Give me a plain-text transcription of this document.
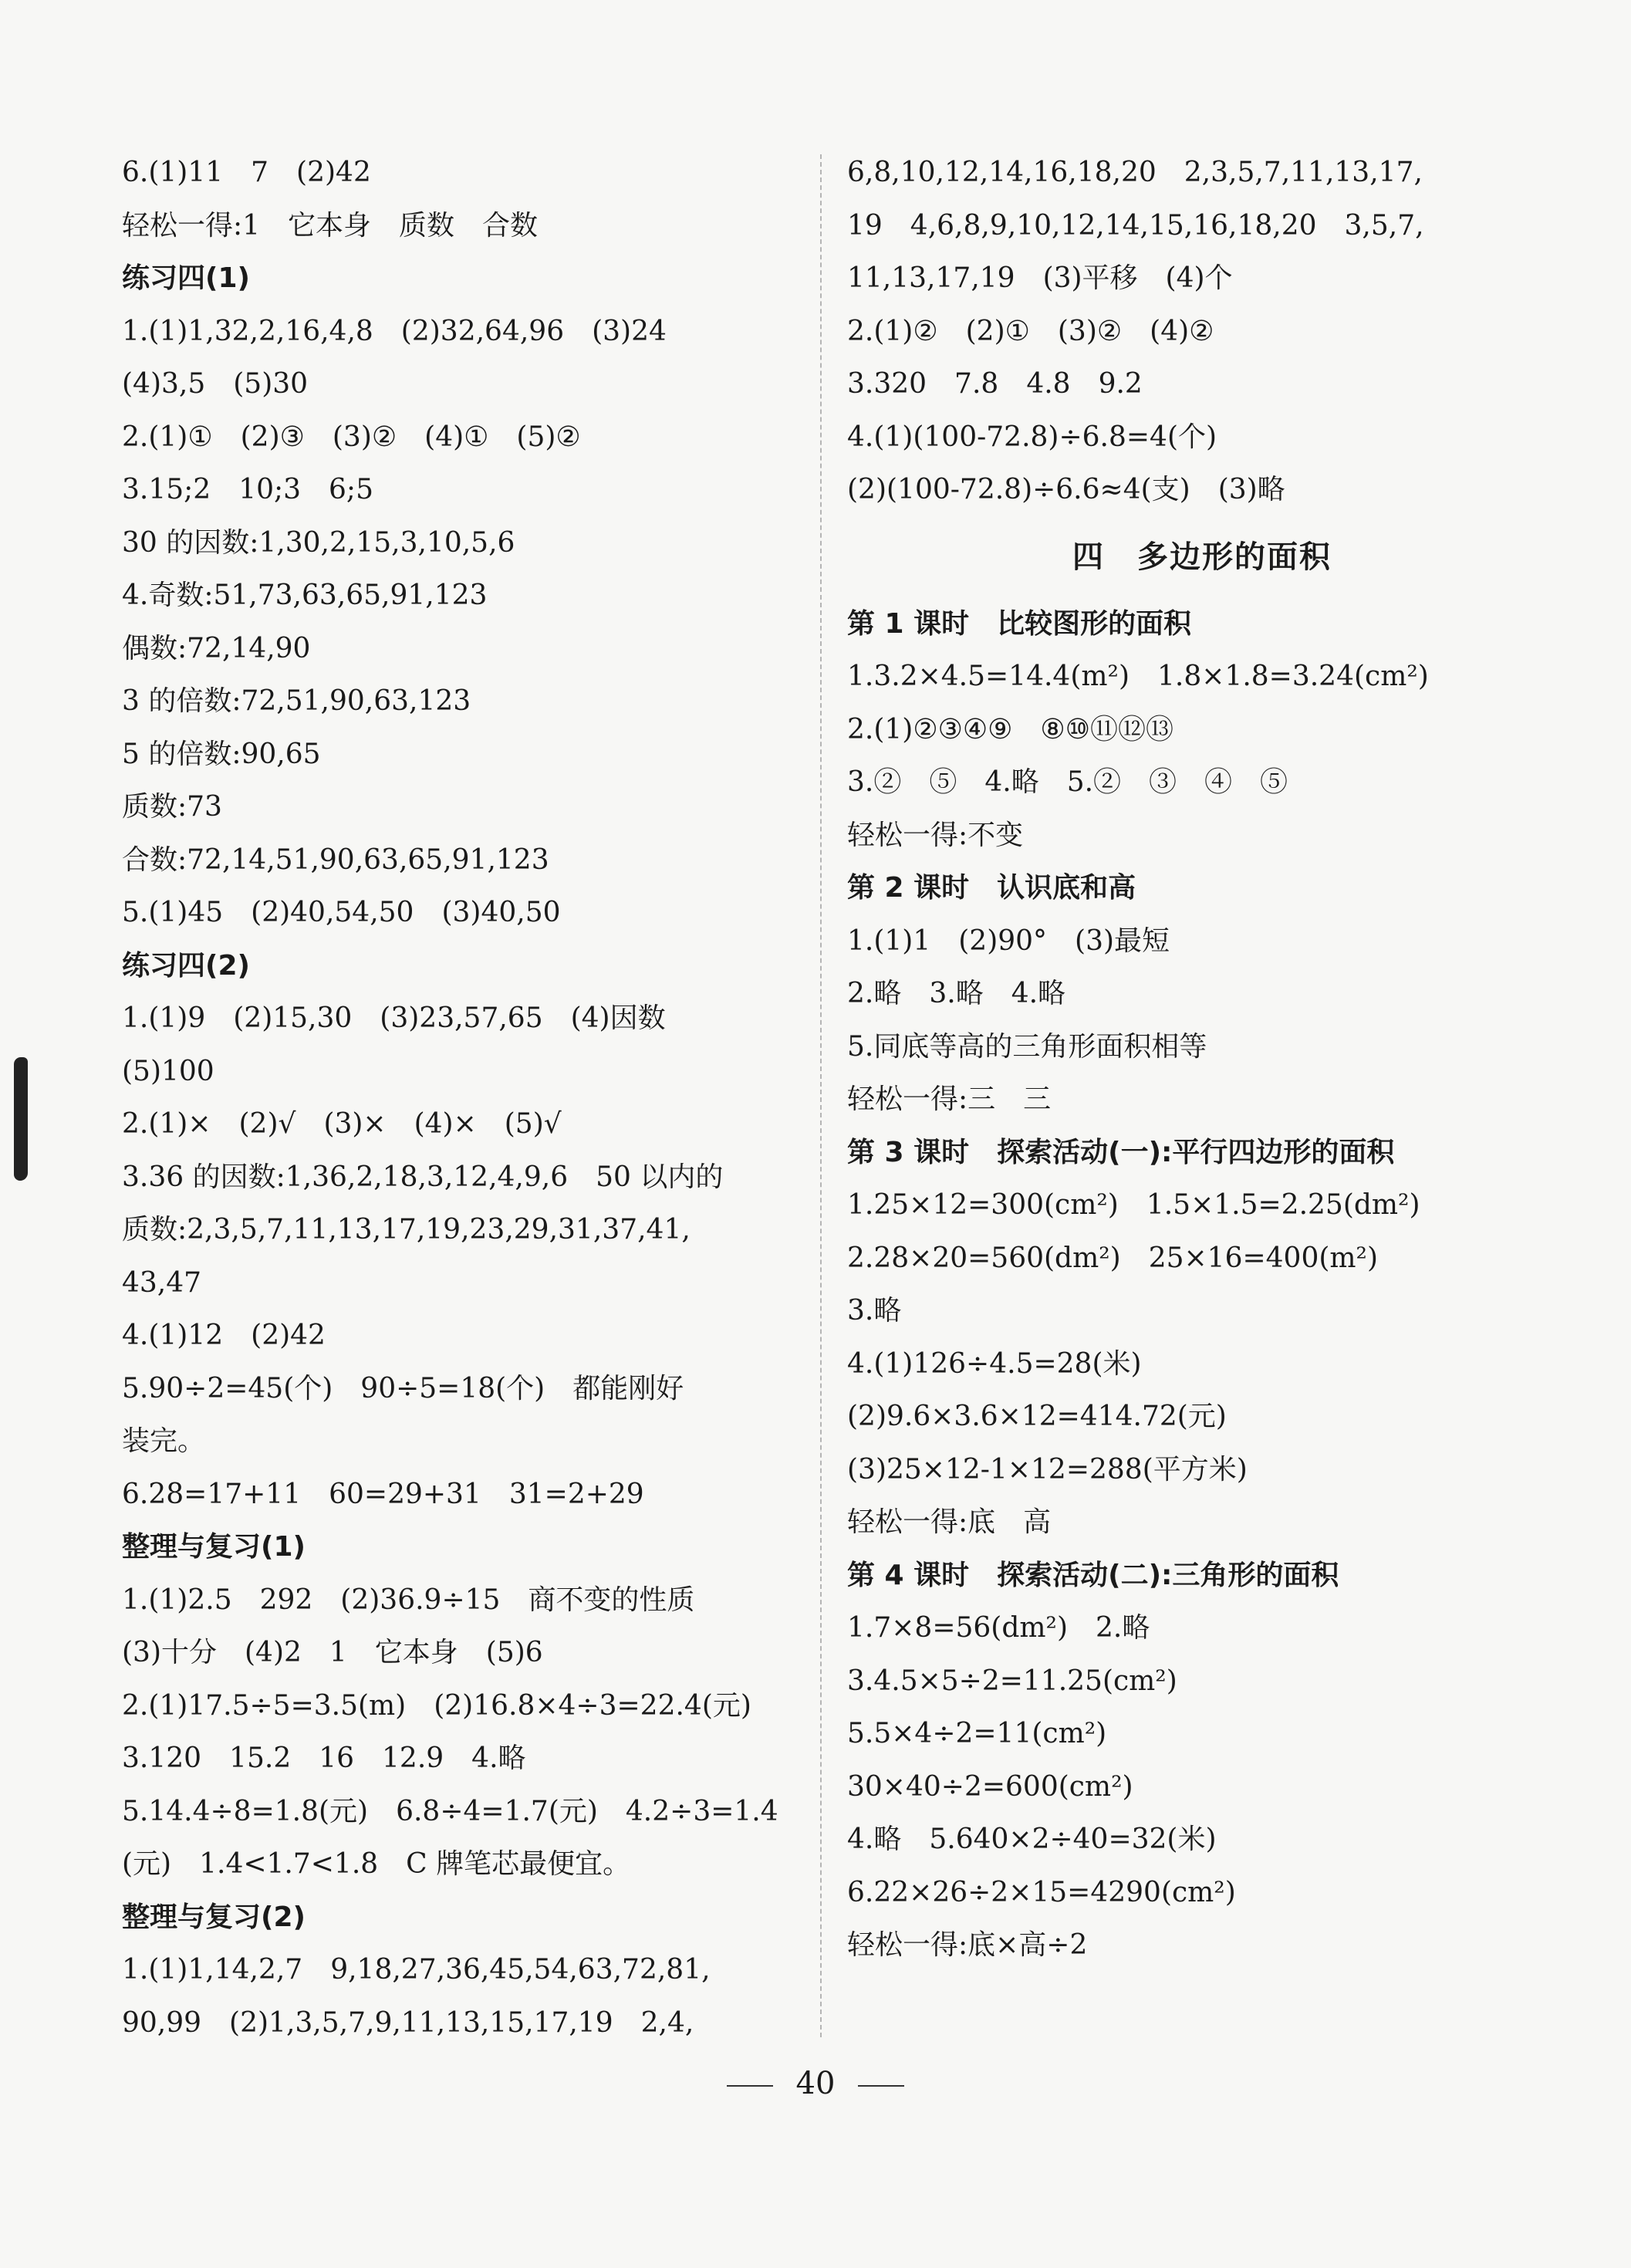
6.(1)11　7　(2)42
轻松一得:1　它本身　质数　合数
练习四(1)
1.(1)1,32,2,16,4,8　(2)32,64,96　(3)24
(4)3,5　(5)30
2.(1)①　(2)③　(3)②　(4)①　(5)②
3.15;2　10;3　6;5
30 的因数:1,30,2,15,3,10,5,6
4.奇数:51,73,63,65,91,123
偶数:72,14,90
3 的倍数:72,51,90,63,123
5 的倍数:90,65
质数:73
合数:72,14,51,90,63,65,91,123
5.(1)45　(2)40,54,50　(3)40,50
练习四(2)
1.(1)9　(2)15,30　(3)23,57,65　(4)因数
(5)100
2.(1)×　(2)√　(3)×　(4)×　(5)√
3.36 的因数:1,36,2,18,3,12,4,9,6　50 以内的
质数:2,3,5,7,11,13,17,19,23,29,31,37,41,
43,47
4.(1)12　(2)42
5.90÷2=45(个)　90÷5=18(个)　都能刚好
装完。
6.28=17+11　60=29+31　31=2+29
整理与复习(1)
1.(1)2.5　292　(2)36.9÷15　商不变的性质
(3)十分　(4)2　1　它本身　(5)6
2.(1)17.5÷5=3.5(m)　(2)16.8×4÷3=22.4(元)
3.120　15.2　16　12.9　4.略
5.14.4÷8=1.8(元)　6.8÷4=1.7(元)　4.2÷3=1.4
(元)　1.4<1.7<1.8　C 牌笔芯最便宜。
整理与复习(2)
1.(1)1,14,2,7　9,18,27,36,45,54,63,72,81,
90,99　(2)1,3,5,7,9,11,13,15,17,19　2,4,
6,8,10,12,14,16,18,20　2,3,5,7,11,13,17,
19　4,6,8,9,10,12,14,15,16,18,20　3,5,7,
11,13,17,19　(3)平移　(4)个
2.(1)②　(2)①　(3)②　(4)②
3.320　7.8　4.8　9.2
4.(1)(100-72.8)÷6.8=4(个)
(2)(100-72.8)÷6.6≈4(支)　(3)略
四　多边形的面积
第 1 课时　比较图形的面积
1.3.2×4.5=14.4(m²)　1.8×1.8=3.24(cm²)
2.(1)②③④⑨　⑧⑩⑪⑫⑬
3.②　⑤　4.略　5.②　③　④　⑤
轻松一得:不变
第 2 课时　认识底和高
1.(1)1　(2)90°　(3)最短
2.略　3.略　4.略
5.同底等高的三角形面积相等
轻松一得:三　三
第 3 课时　探索活动(一):平行四边形的面积
1.25×12=300(cm²)　1.5×1.5=2.25(dm²)
2.28×20=560(dm²)　25×16=400(m²)
3.略
4.(1)126÷4.5=28(米)
(2)9.6×3.6×12=414.72(元)
(3)25×12-1×12=288(平方米)
轻松一得:底　高
第 4 课时　探索活动(二):三角形的面积
1.7×8=56(dm²)　2.略
3.4.5×5÷2=11.25(cm²)
5.5×4÷2=11(cm²)
30×40÷2=600(cm²)
4.略　5.640×2÷40=32(米)
6.22×26÷2×15=4290(cm²)
轻松一得:底×高÷2
40
